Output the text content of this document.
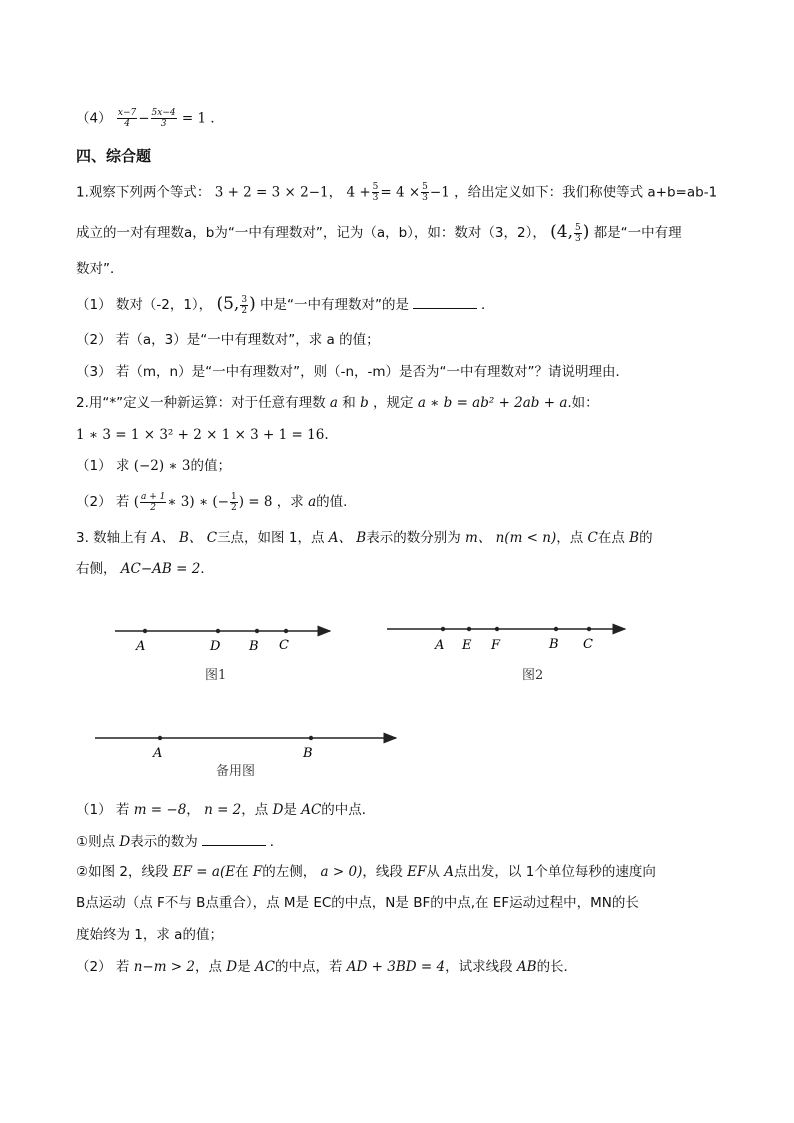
$(4) \frac{x-7}{4} - \frac{5x-4}{3} = 1$ ．
四、综合题
1.观察下列两个等式： 3 + 2 = 3 × 2−1， $4 + \frac{5}{3} = 4 \times \frac{5}{3} -1$ ，给出定义如下：我们称使等式 a+b=ab-1
成立的一对有理数a，b为“一中有理数对”，记为（a，b），如：数对（3，2）， (4, $\frac{5}{3}$ ) 都是“一中有理
数对”．
（1） 数对（-2，1）， (5, $\frac{3}{2}$ ) 中是“一中有理数对”的是	．
（2） 若（a，3）是“一中有理数对”，求 a 的值；
（3） 若（m，n）是“一中有理数对”，则（-n，-m）是否为“一中有理数对”？请说明理由．
2.用“*”定义一种新运算：对于任意有理数 a 和 b ，规定 a ∗ b = ab² + 2ab + a.如：
1 ∗ 3 = 1 × 3² + 2 × 1 × 3 + 1 = 16.
（1） 求 (−2) ∗ 3的值；
（2） 若 ( $\frac{a + 1}{2}$ ∗ 3) ∗ (− $\frac{1}{2}$ ) = 8 ，求 a的值.
3. 数轴上有 A、 B、 C三点，如图 1，点 A、 B表示的数分别为 m、 n(m < n)，点 C在点 B的
右侧， AC−AB = 2．
A	D B C
图1
A E F	B C
图2
A	B
备用图
（1） 若 m = −8， n = 2，点 D是 AC的中点．
①则点 D表示的数为	．
②如图 2，线段 EF = a(E在 F的左侧， a > 0)，线段 EF从 A点出发，以 1个单位每秒的速度向
B点运动（点 F不与 B点重合），点 M是 EC的中点，N是 BF的中点,在 EF运动过程中，MN的长
度始终为 1，求 a的值；
（2） 若 n−m > 2，点 D是 AC的中点，若 AD + 3BD = 4，试求线段 AB的长．
